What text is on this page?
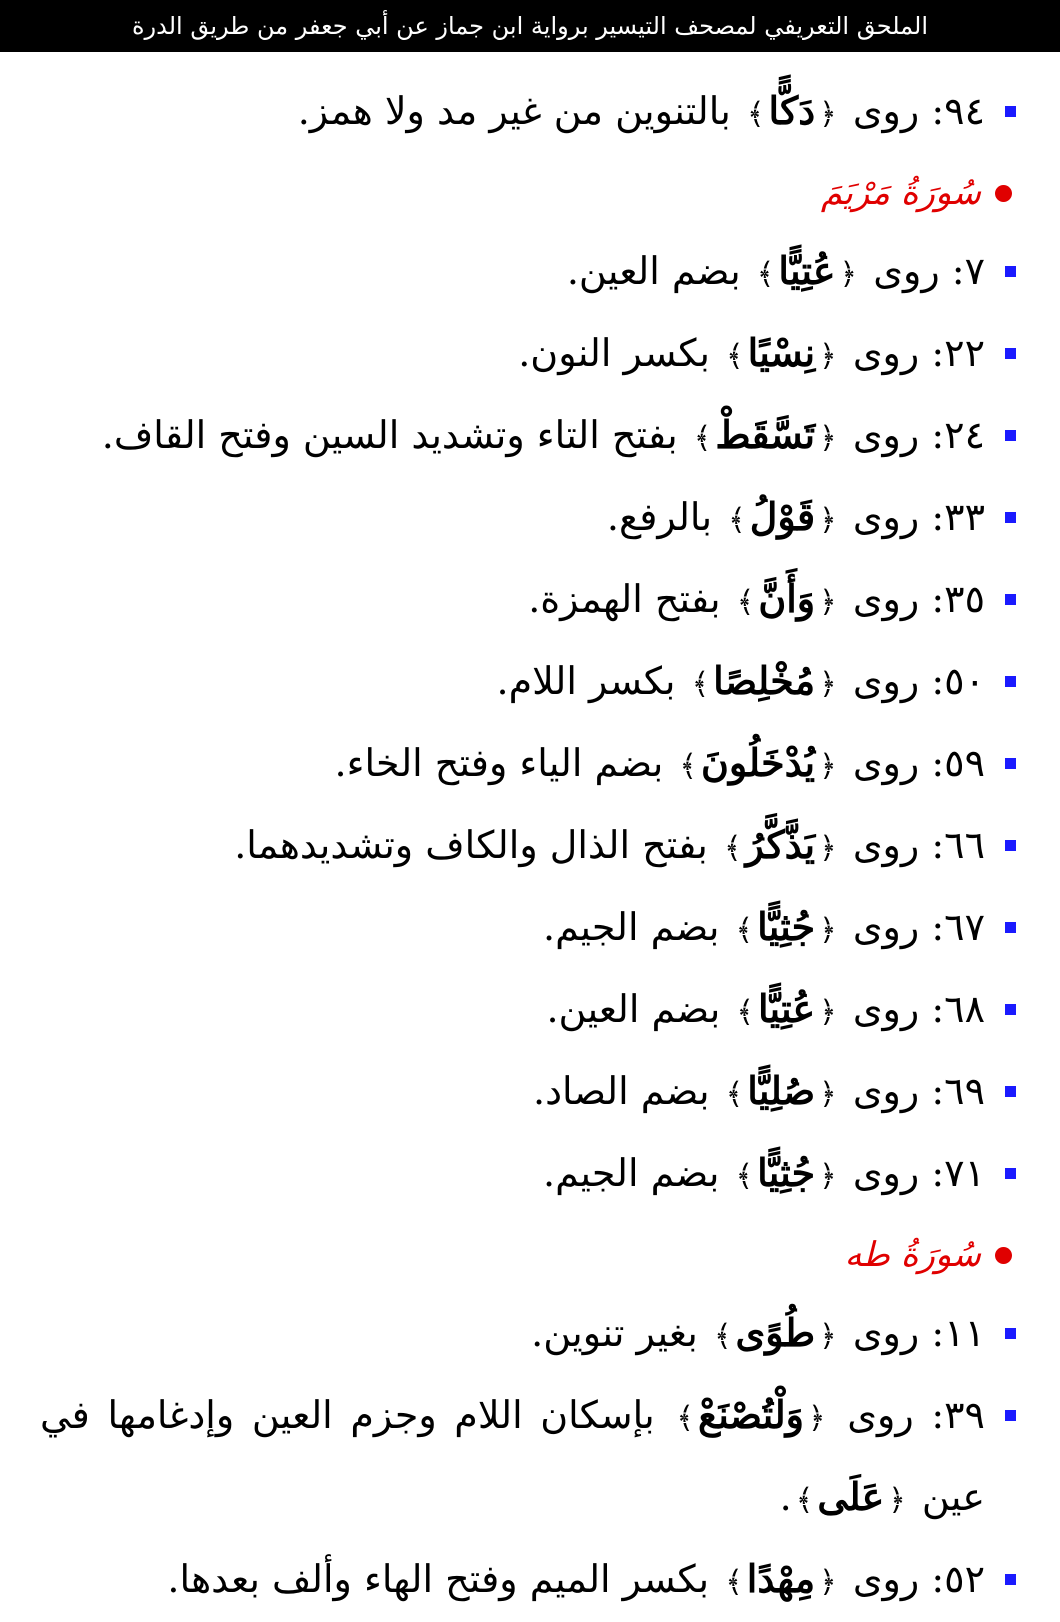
الملحق التعريفي لمصحف التيسير برواية ابن جماز عن أبي جعفر من طريق الدرة
٩٤: روى ﴿دَكًّا﴾ بالتنوين من غير مد ولا همز.
سُورَةُ مَرْيَمَ
٧: روى ﴿عُتِيًّا﴾ بضم العين.
٢٢: روى ﴿نِسْيًا﴾ بكسر النون.
٢٤: روى ﴿تَسَّقَطْ﴾ بفتح التاء وتشديد السين وفتح القاف.
٣٣: روى ﴿قَوْلُ﴾ بالرفع.
٣٥: روى ﴿وَأَنَّ﴾ بفتح الهمزة.
٥٠: روى ﴿مُخْلِصًا﴾ بكسر اللام.
٥٩: روى ﴿يُدْخَلُونَ﴾ بضم الياء وفتح الخاء.
٦٦: روى ﴿يَذَّكَّرُ﴾ بفتح الذال والكاف وتشديدهما.
٦٧: روى ﴿جُثِيًّا﴾ بضم الجيم.
٦٨: روى ﴿عُتِيًّا﴾ بضم العين.
٦٩: روى ﴿صُلِيًّا﴾ بضم الصاد.
٧١: روى ﴿جُثِيًّا﴾ بضم الجيم.
سُورَةُ طه
١١: روى ﴿طُوًى﴾ بغير تنوين.
٣٩: روى ﴿وَلْتُصْنَعْ﴾ بإسكان اللام وجزم العين وإدغامها في عين ﴿عَلَى﴾.
٥٢: روى ﴿مِهْدًا﴾ بكسر الميم وفتح الهاء وألف بعدها.
